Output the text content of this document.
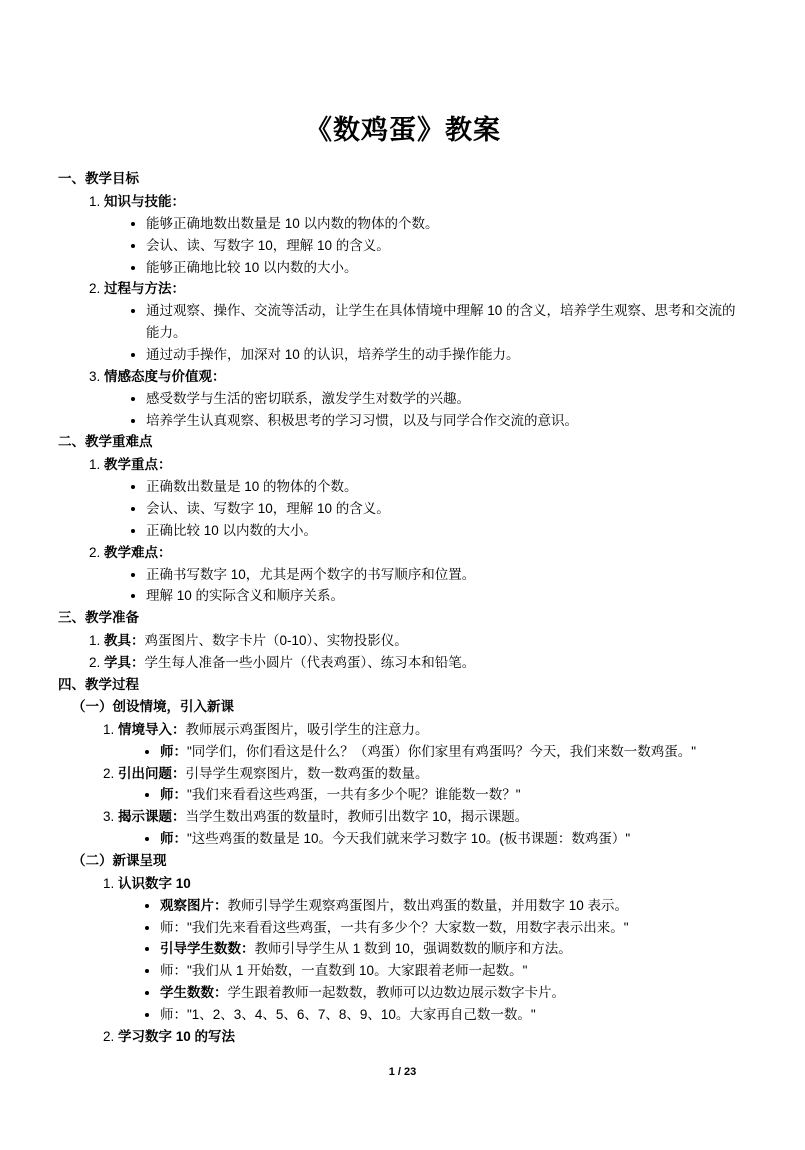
《数鸡蛋》教案
一、教学目标
1. 知识与技能：
• 能够正确地数出数量是 10 以内数的物体的个数。
• 会认、读、写数字 10，理解 10 的含义。
• 能够正确地比较 10 以内数的大小。
2. 过程与方法：
• 通过观察、操作、交流等活动，让学生在具体情境中理解 10 的含义，培养学生观察、思考和交流的能力。
• 通过动手操作，加深对 10 的认识，培养学生的动手操作能力。
3. 情感态度与价值观：
• 感受数学与生活的密切联系，激发学生对数学的兴趣。
• 培养学生认真观察、积极思考的学习习惯，以及与同学合作交流的意识。
二、教学重难点
1. 教学重点：
• 正确数出数量是 10 的物体的个数。
• 会认、读、写数字 10，理解 10 的含义。
• 正确比较 10 以内数的大小。
2. 教学难点：
• 正确书写数字 10，尤其是两个数字的书写顺序和位置。
• 理解 10 的实际含义和顺序关系。
三、教学准备
1. 教具：鸡蛋图片、数字卡片（0-10）、实物投影仪。
2. 学具：学生每人准备一些小圆片（代表鸡蛋）、练习本和铅笔。
四、教学过程
（一）创设情境，引入新课
1. 情境导入：教师展示鸡蛋图片，吸引学生的注意力。
• 师："同学们，你们看这是什么？（鸡蛋）你们家里有鸡蛋吗？今天，我们来数一数鸡蛋。"
2. 引出问题：引导学生观察图片，数一数鸡蛋的数量。
• 师："我们来看看这些鸡蛋，一共有多少个呢？谁能数一数？"
3. 揭示课题：当学生数出鸡蛋的数量时，教师引出数字 10，揭示课题。
• 师："这些鸡蛋的数量是 10。今天我们就来学习数字 10。(板书课题：数鸡蛋）"
（二）新课呈现
1. 认识数字 10
• 观察图片：教师引导学生观察鸡蛋图片，数出鸡蛋的数量，并用数字 10 表示。
• 师："我们先来看看这些鸡蛋，一共有多少个？大家数一数，用数字表示出来。"
• 引导学生数数：教师引导学生从 1 数到 10，强调数数的顺序和方法。
• 师："我们从 1 开始数，一直数到 10。大家跟着老师一起数。"
• 学生数数：学生跟着教师一起数数，教师可以边数边展示数字卡片。
• 师："1、2、3、4、5、6、7、8、9、10。大家再自己数一数。"
2. 学习数字 10 的写法
1 / 23
